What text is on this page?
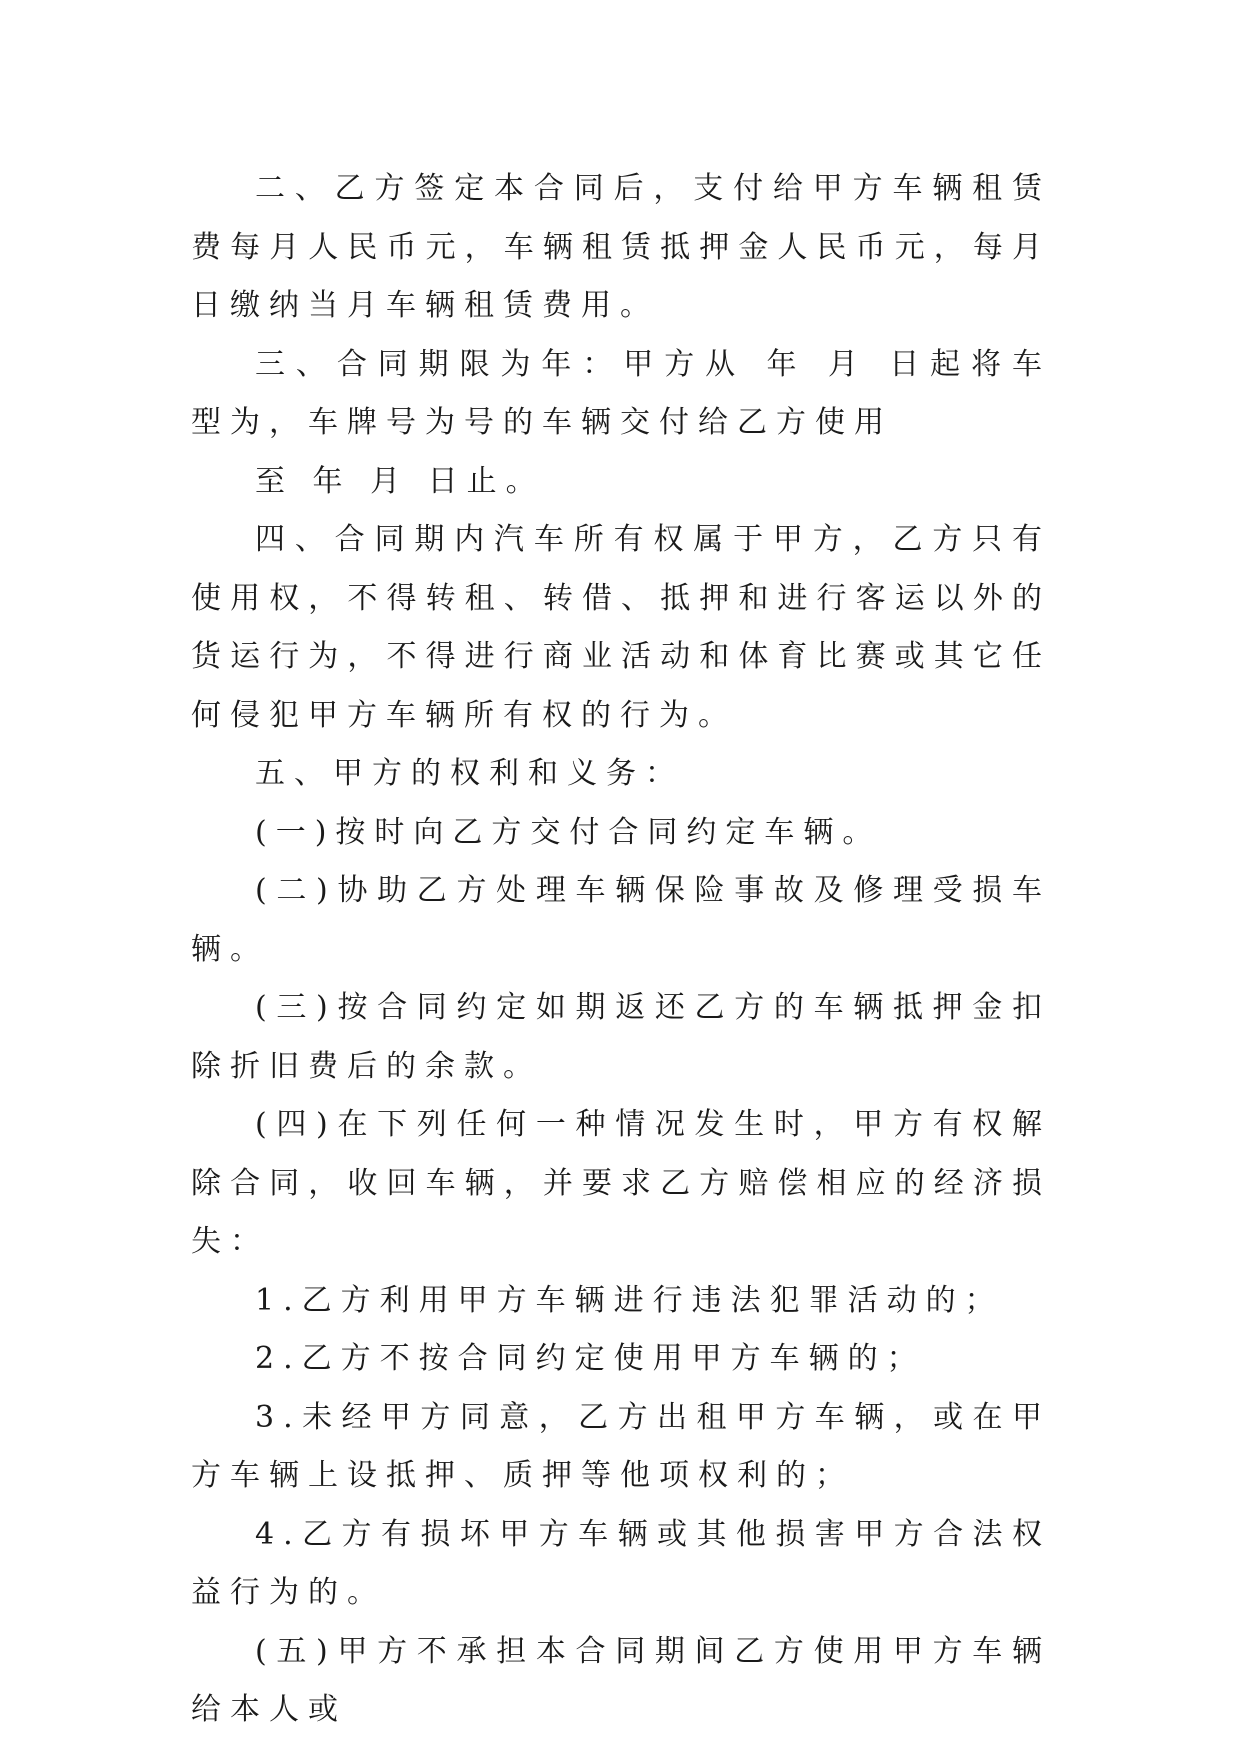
二、乙方签定本合同后，支付给甲方车辆租赁费每月人民币元，车辆租赁抵押金人民币元，每月日缴纳当月车辆租赁费用。

三、合同期限为年：甲方从 年 月 日起将车型为，车牌号为号的车辆交付给乙方使用

至 年 月 日止。

四、合同期内汽车所有权属于甲方，乙方只有使用权，不得转租、转借、抵押和进行客运以外的货运行为，不得进行商业活动和体育比赛或其它任何侵犯甲方车辆所有权的行为。

五、甲方的权利和义务：

(一)按时向乙方交付合同约定车辆。

(二)协助乙方处理车辆保险事故及修理受损车辆。

(三)按合同约定如期返还乙方的车辆抵押金扣除折旧费后的余款。

(四)在下列任何一种情况发生时，甲方有权解除合同，收回车辆，并要求乙方赔偿相应的经济损失：

1.乙方利用甲方车辆进行违法犯罪活动的；

2.乙方不按合同约定使用甲方车辆的；

3.未经甲方同意，乙方出租甲方车辆，或在甲方车辆上设抵押、质押等他项权利的；

4.乙方有损坏甲方车辆或其他损害甲方合法权益行为的。

(五)甲方不承担本合同期间乙方使用甲方车辆给本人或
